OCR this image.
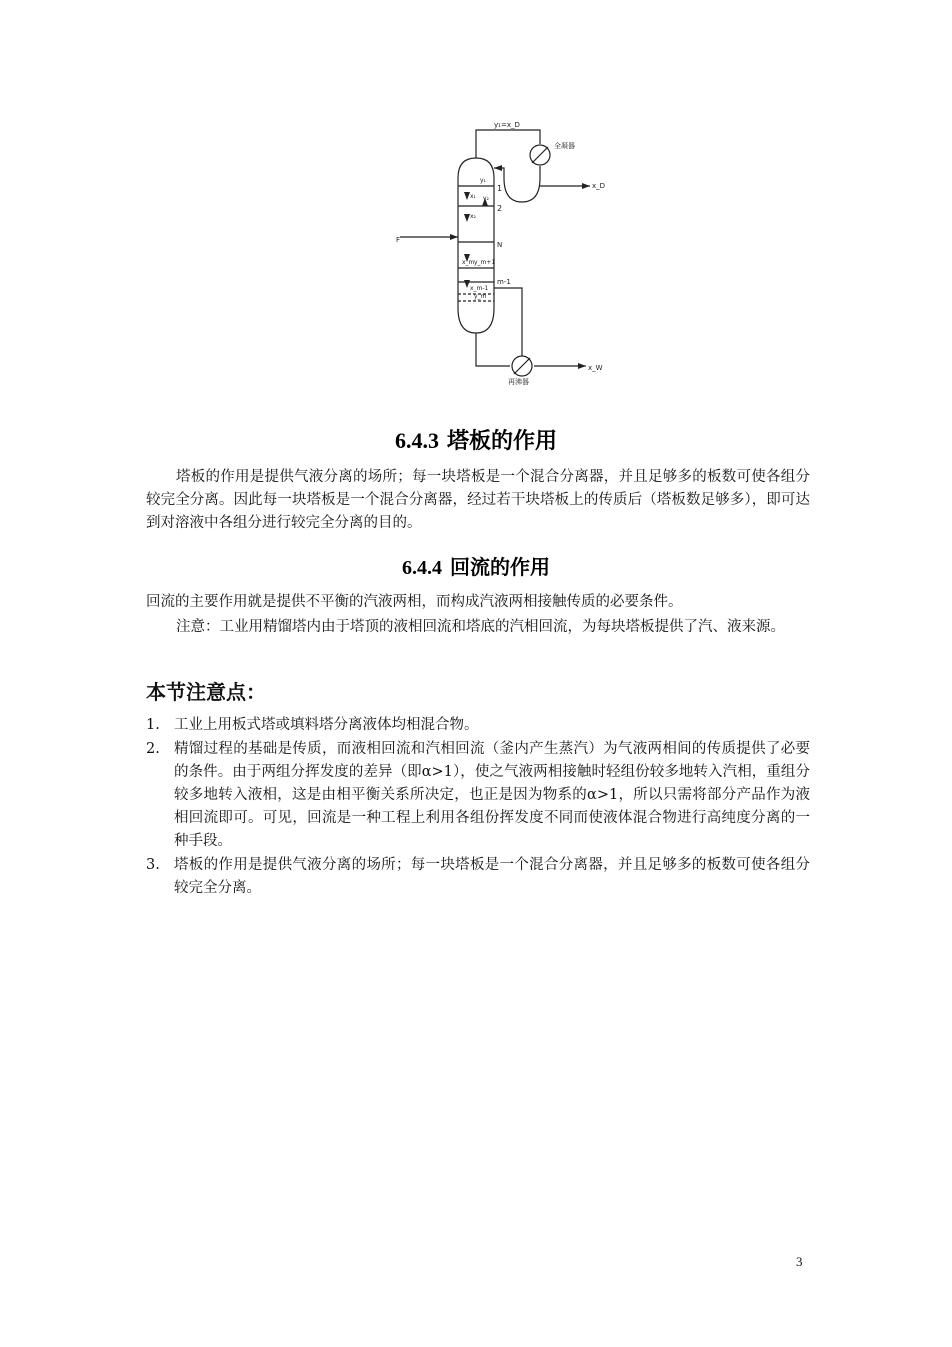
y₁=x_D
全凝器
再沸器
F
x_D
x_W
1
2
N
m-1
y₁
x₁ y₂
x₂
x_m y_m+1
x_m-1
y_m
6.4.3 塔板的作用

塔板的作用是提供气液分离的场所；每一块塔板是一个混合分离器，并且足够多的板数可使各组分较完全分离。因此每一块塔板是一个混合分离器，经过若干块塔板上的传质后（塔板数足够多），即可达到对溶液中各组分进行较完全分离的目的。

6.4.4 回流的作用

回流的主要作用就是提供不平衡的汽液两相，而构成汽液两相接触传质的必要条件。

注意：工业用精馏塔内由于塔顶的液相回流和塔底的汽相回流，为每块塔板提供了汽、液来源。

本节注意点：
1. 工业上用板式塔或填料塔分离液体均相混合物。
2. 精馏过程的基础是传质，而液相回流和汽相回流（釜内产生蒸汽）为气液两相间的传质提供了必要的条件。由于两组分挥发度的差异（即α>1），使之气液两相接触时轻组份较多地转入汽相，重组分较多地转入液相，这是由相平衡关系所决定，也正是因为物系的α>1，所以只需将部分产品作为液相回流即可。可见，回流是一种工程上利用各组份挥发度不同而使液体混合物进行高纯度分离的一种手段。
3. 塔板的作用是提供气液分离的场所；每一块塔板是一个混合分离器，并且足够多的板数可使各组分较完全分离。
3
